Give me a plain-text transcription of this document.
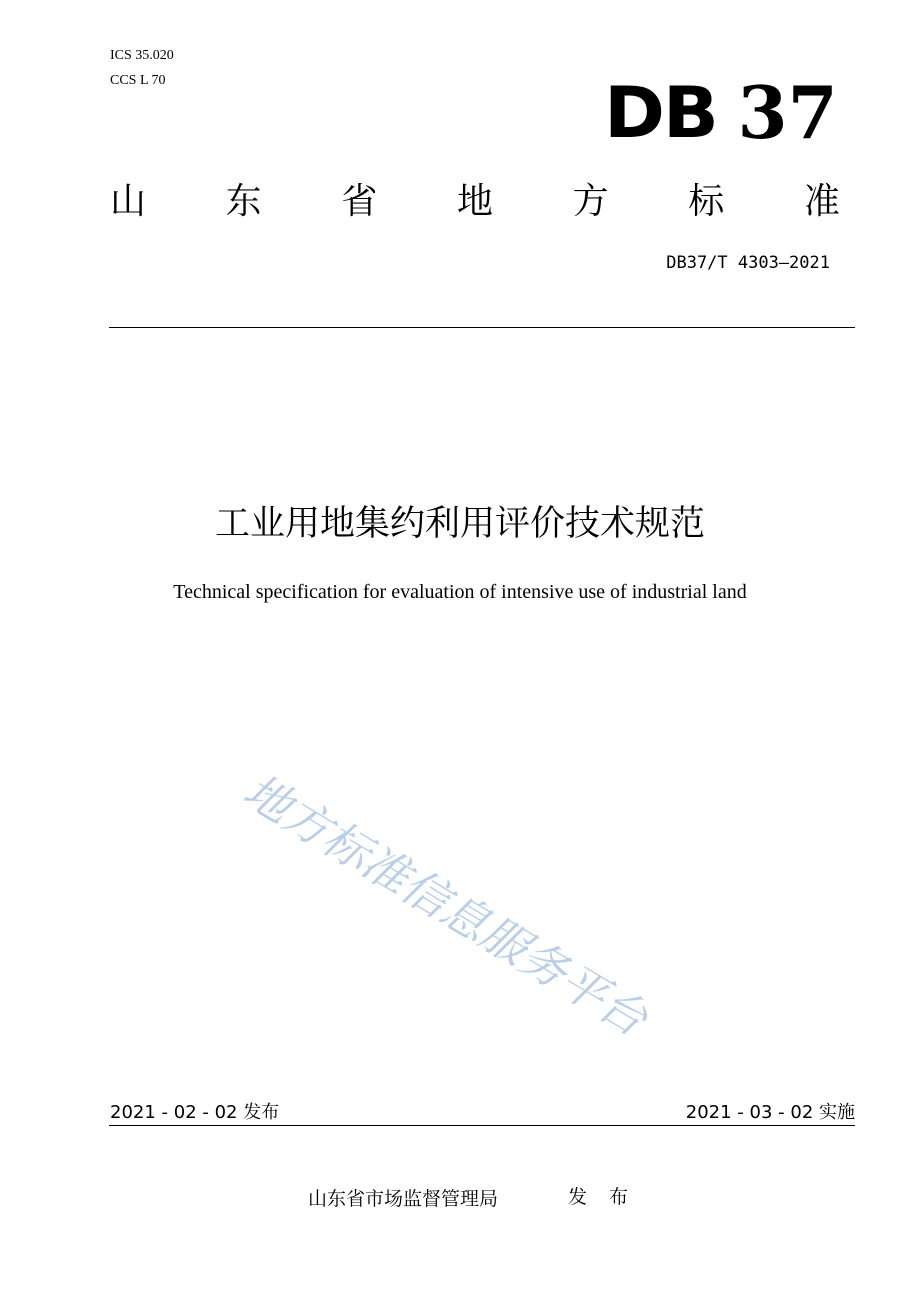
ICS 35.020
CCS L 70	DB 37
山 东 省 地 方 标 准
DB37/T 4303—2021
工业用地集约利用评价技术规范
Technical specification for evaluation of intensive use of industrial land
地方标准信息服务平台
2021 - 02 - 02 发布	2021 - 03 - 02 实施
山东省市场监督管理局	发 布
